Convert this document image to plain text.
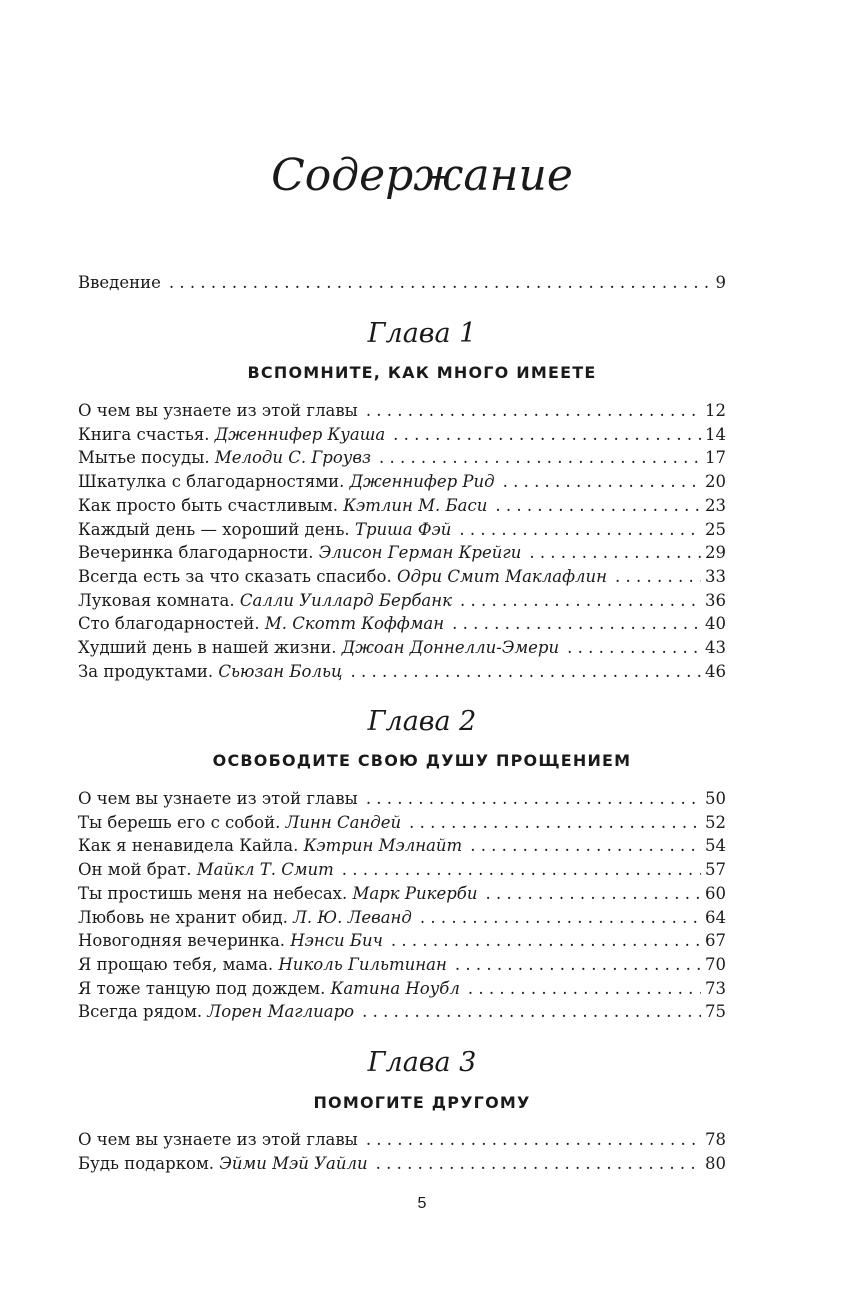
Содержание
Введение . . .	9
Глава 1
ВСПОМНИТЕ, КАК МНОГО ИМЕЕТЕ
Глава 2
ОСВОБОДИТЕ СВОЮ ДУШУ ПРОЩЕНИЕМ
Глава 3
ПОМОГИТЕ ДРУГОМУ
5
О чем вы узнаете из этой главы . . .	12
Книга счастья. Дженнифер Куаша . . .	14
Мытье посуды. Мелоди С. Гроувз . . .	17
Шкатулка с благодарностями. Дженнифер Рид . . .	20
Как просто быть счастливым. Кэтлин М. Баси . . .	23
Каждый день — хороший день. Триша Фэй . . .	25
Вечеринка благодарности. Элисон Герман Крейги . . .	29
Всегда есть за что сказать спасибо. Одри Смит Маклафлин . . .	33
Луковая комната. Салли Уиллард Бербанк . . .	36
Сто благодарностей. М. Скотт Коффман . . .	40
Худший день в нашей жизни. Джоан Доннелли-Эмери . . .	43
За продуктами. Сьюзан Больц . . .	46
О чем вы узнаете из этой главы . . .	50
Ты берешь его с собой. Линн Сандей . . .	52
Как я ненавидела Кайла. Кэтрин Мэлнайт . . .	54
Он мой брат. Майкл Т. Смит . . .	57
Ты простишь меня на небесах. Марк Рикерби . . .	60
Любовь не хранит обид. Л. Ю. Леванд . . .	64
Новогодняя вечеринка. Нэнси Бич . . .	67
Я прощаю тебя, мама. Николь Гильтинан . . .	70
Я тоже танцую под дождем. Катина Ноубл . . .	73
Всегда рядом. Лорен Маглиаро . . .	75
О чем вы узнаете из этой главы . . .	78
Будь подарком. Эйми Мэй Уайли . . .	80
